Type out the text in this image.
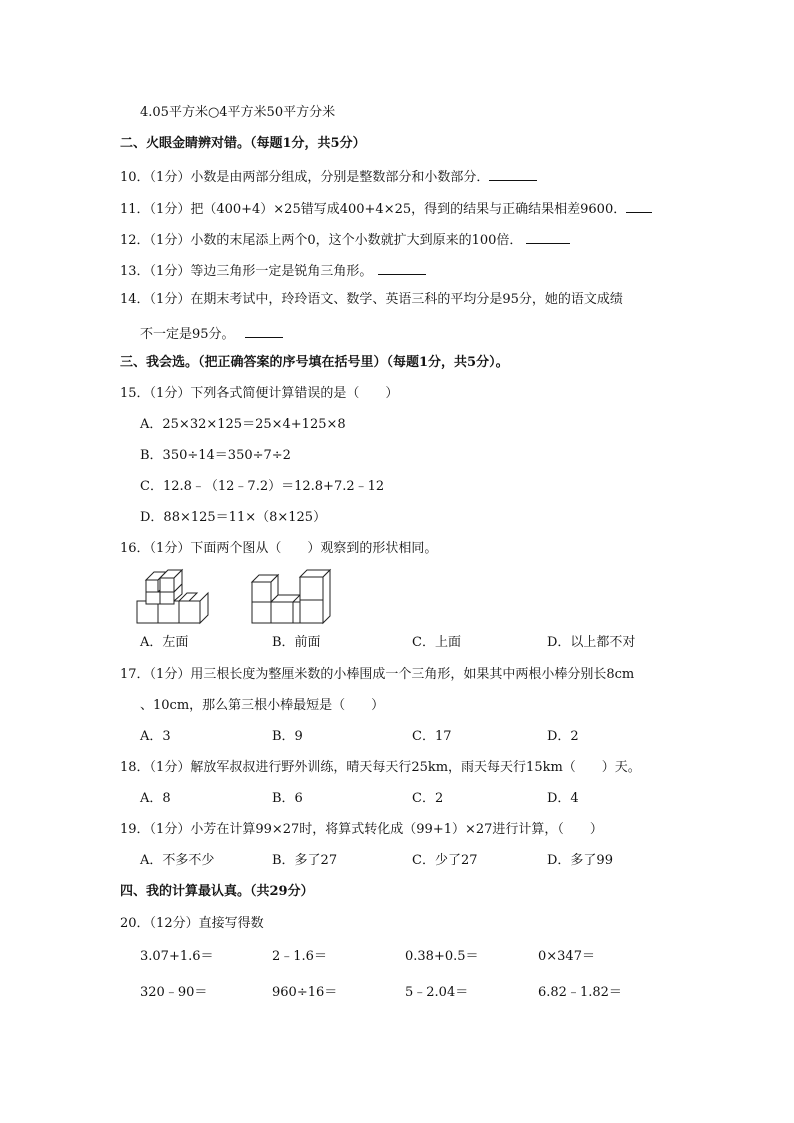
4.05平方米○4平方米50平方分米
二、火眼金睛辨对错。（每题1分，共5分）
10．（1分）小数是由两部分组成，分别是整数部分和小数部分．
11．（1分）把（400+4）×25错写成400+4×25，得到的结果与正确结果相差9600．
12．（1分）小数的末尾添上两个0，这个小数就扩大到原来的100倍．
13．（1分）等边三角形一定是锐角三角形。
14．（1分）在期末考试中，玲玲语文、数学、英语三科的平均分是95分，她的语文成绩
不一定是95分。
三、我会选。（把正确答案的序号填在括号里）（每题1分，共5分）。
15．（1分）下列各式简便计算错误的是（　　）
A．25×32×125＝25×4+125×8
B．350÷14＝350÷7÷2
C．12.8﹣（12﹣7.2）＝12.8+7.2﹣12
D．88×125＝11×（8×125）
16．（1分）下面两个图从（　　）观察到的形状相同。
A．左面	B．前面	C．上面	D．以上都不对
17．（1分）用三根长度为整厘米数的小棒围成一个三角形，如果其中两根小棒分别长8cm
、10cm，那么第三根小棒最短是（　　）
A．3	B．9	C．17	D．2
18．（1分）解放军叔叔进行野外训练，晴天每天行25km，雨天每天行15km（　　）天。
A．8	B．6	C．2	D．4
19．（1分）小芳在计算99×27时，将算式转化成（99+1）×27进行计算，（　　）
A．不多不少	B．多了27	C．少了27	D．多了99
四、我的计算最认真。（共29分）
20．（12分）直接写得数
3.07+1.6＝	2﹣1.6＝	0.38+0.5＝	0×347＝
320﹣90＝	960÷16＝	5﹣2.04＝	6.82﹣1.82＝
